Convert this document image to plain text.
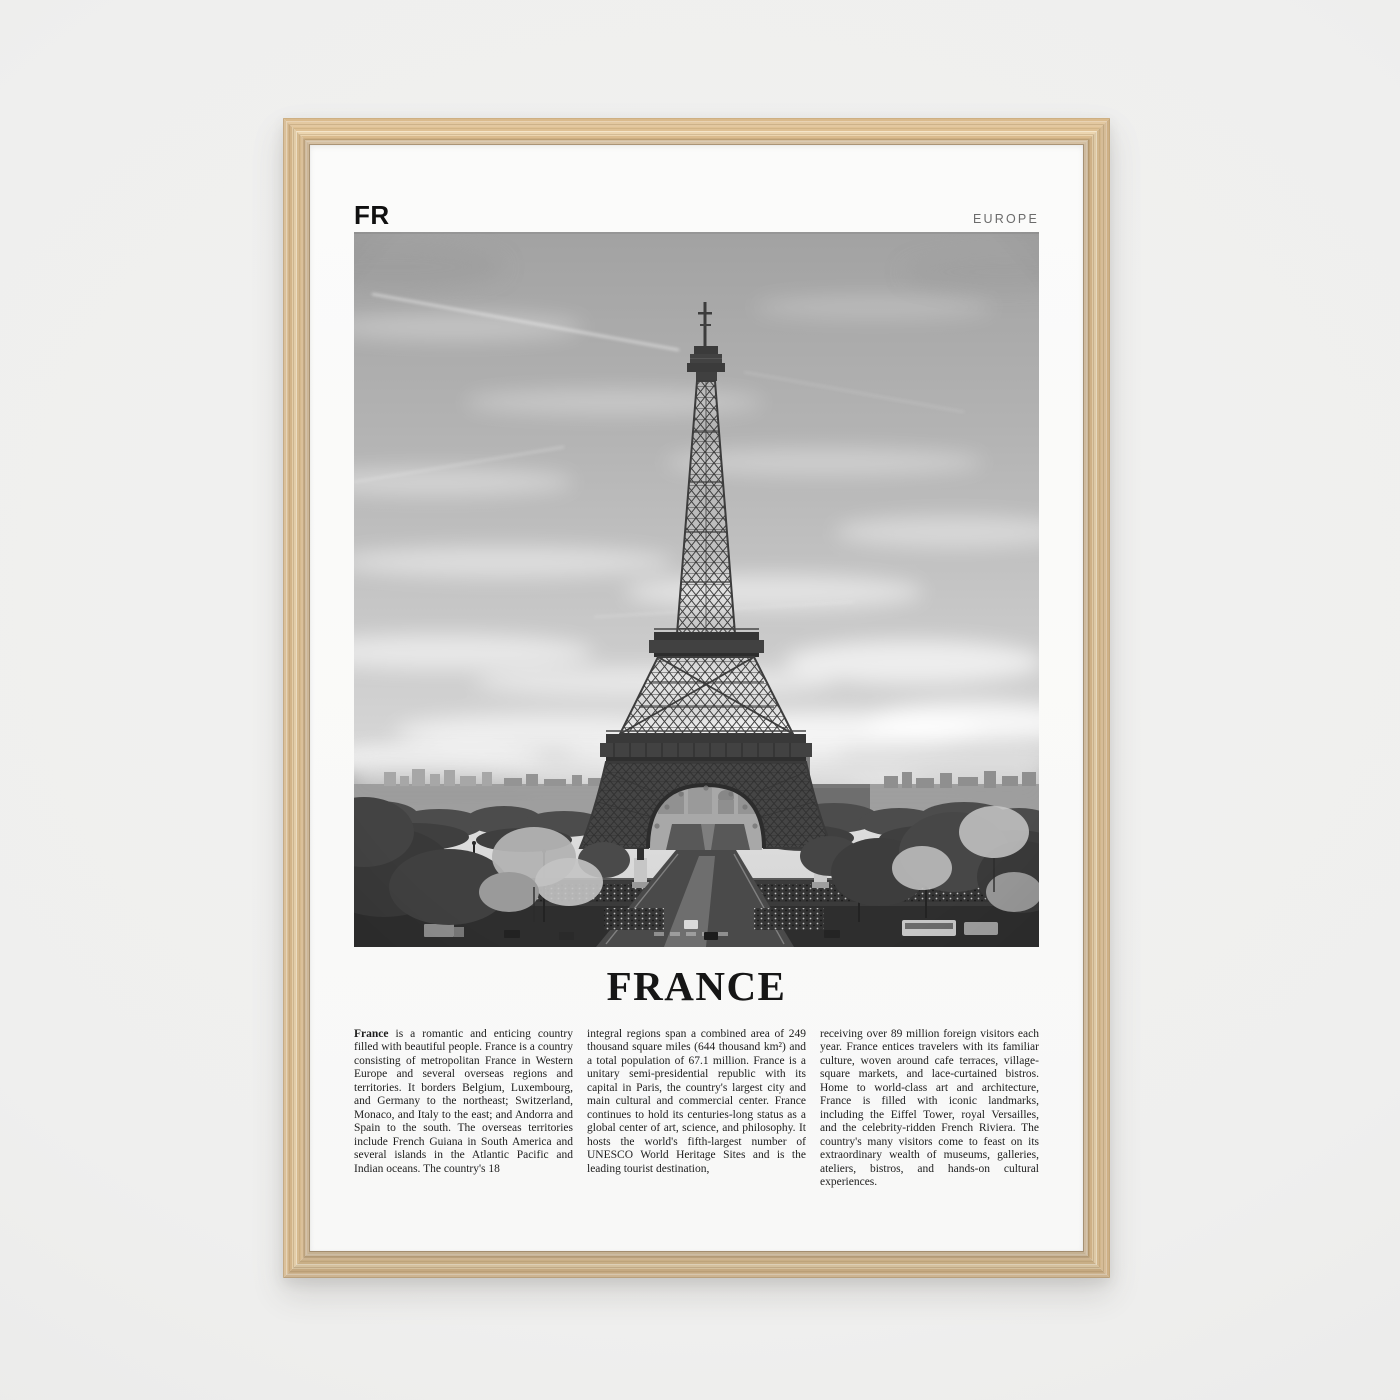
FR	EUROPE
FRANCE

France is a romantic and enticing country filled with beautiful people. France is a country consisting of metropolitan France in Western Europe and several overseas regions and territories. It borders Belgium, Luxembourg, and Germany to the northeast; Switzerland, Monaco, and Italy to the east; and Andorra and Spain to the south. The overseas territories include French Guiana in South America and several islands in the Atlantic Pacific and Indian oceans. The country's 18

integral regions span a combined area of 249 thousand square miles (644 thousand km²) and a total population of 67.1 million. France is a unitary semi-presidential republic with its capital in Paris, the country's largest city and main cultural and commercial center. France continues to hold its centuries-long status as a global center of art, science, and philosophy. It hosts the world's fifth-largest number of UNESCO World Heritage Sites and is the leading tourist destination,

receiving over 89 million foreign visitors each year. France entices travelers with its familiar culture, woven around cafe terraces, village-square markets, and lace-curtained bistros. Home to world-class art and architecture, France is filled with iconic landmarks, including the Eiffel Tower, royal Versailles, and the celebrity-ridden French Riviera. The country's many visitors come to feast on its extraordinary wealth of museums, galleries, ateliers, bistros, and hands-on cultural experiences.
